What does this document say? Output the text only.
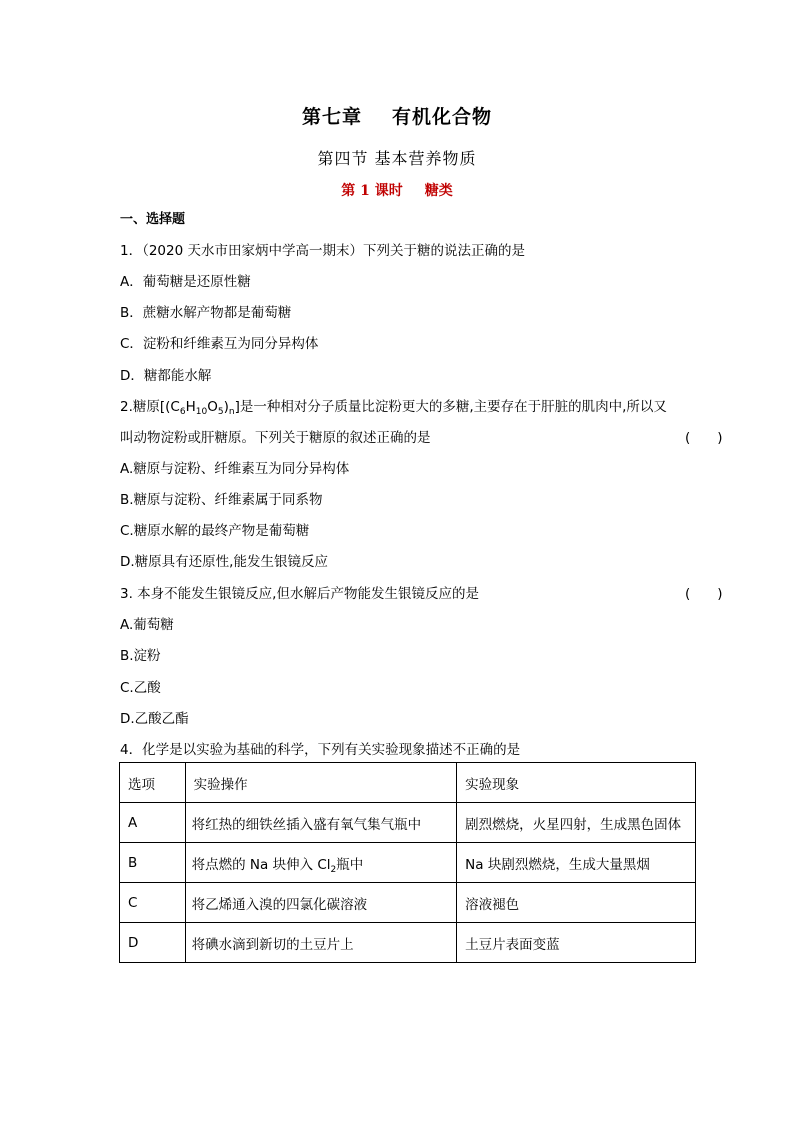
第七章 有机化合物
第四节 基本营养物质
第 1 课时 糖类
一、选择题
1．（2020 天水市田家炳中学高一期末）下列关于糖的说法正确的是
A．葡萄糖是还原性糖
B．蔗糖水解产物都是葡萄糖
C．淀粉和纤维素互为同分异构体
D．糖都能水解
2.糖原$[(C_6H_{10}O_5)_n]$是一种相对分子质量比淀粉更大的多糖,主要存在于肝脏的肌肉中,所以又
叫动物淀粉或肝糖原。下列关于糖原的叙述正确的是	(　　)
A.糖原与淀粉、纤维素互为同分异构体
B.糖原与淀粉、纤维素属于同系物
C.糖原水解的最终产物是葡萄糖
D.糖原具有还原性,能发生银镜反应
3. 本身不能发生银镜反应,但水解后产物能发生银镜反应的是	(　　)
A.葡萄糖
B.淀粉
C.乙酸
D.乙酸乙酯
4．化学是以实验为基础的科学，下列有关实验现象描述不正确的是
选项	实验操作	实验现象
A	将红热的细铁丝插入盛有氧气集气瓶中	剧烈燃烧，火星四射，生成黑色固体
B	将点燃的 Na 块伸入 $Cl_2$瓶中	Na 块剧烈燃烧，生成大量黑烟
C	将乙烯通入溴的四氯化碳溶液	溶液褪色
D	将碘水滴到新切的土豆片上	土豆片表面变蓝
